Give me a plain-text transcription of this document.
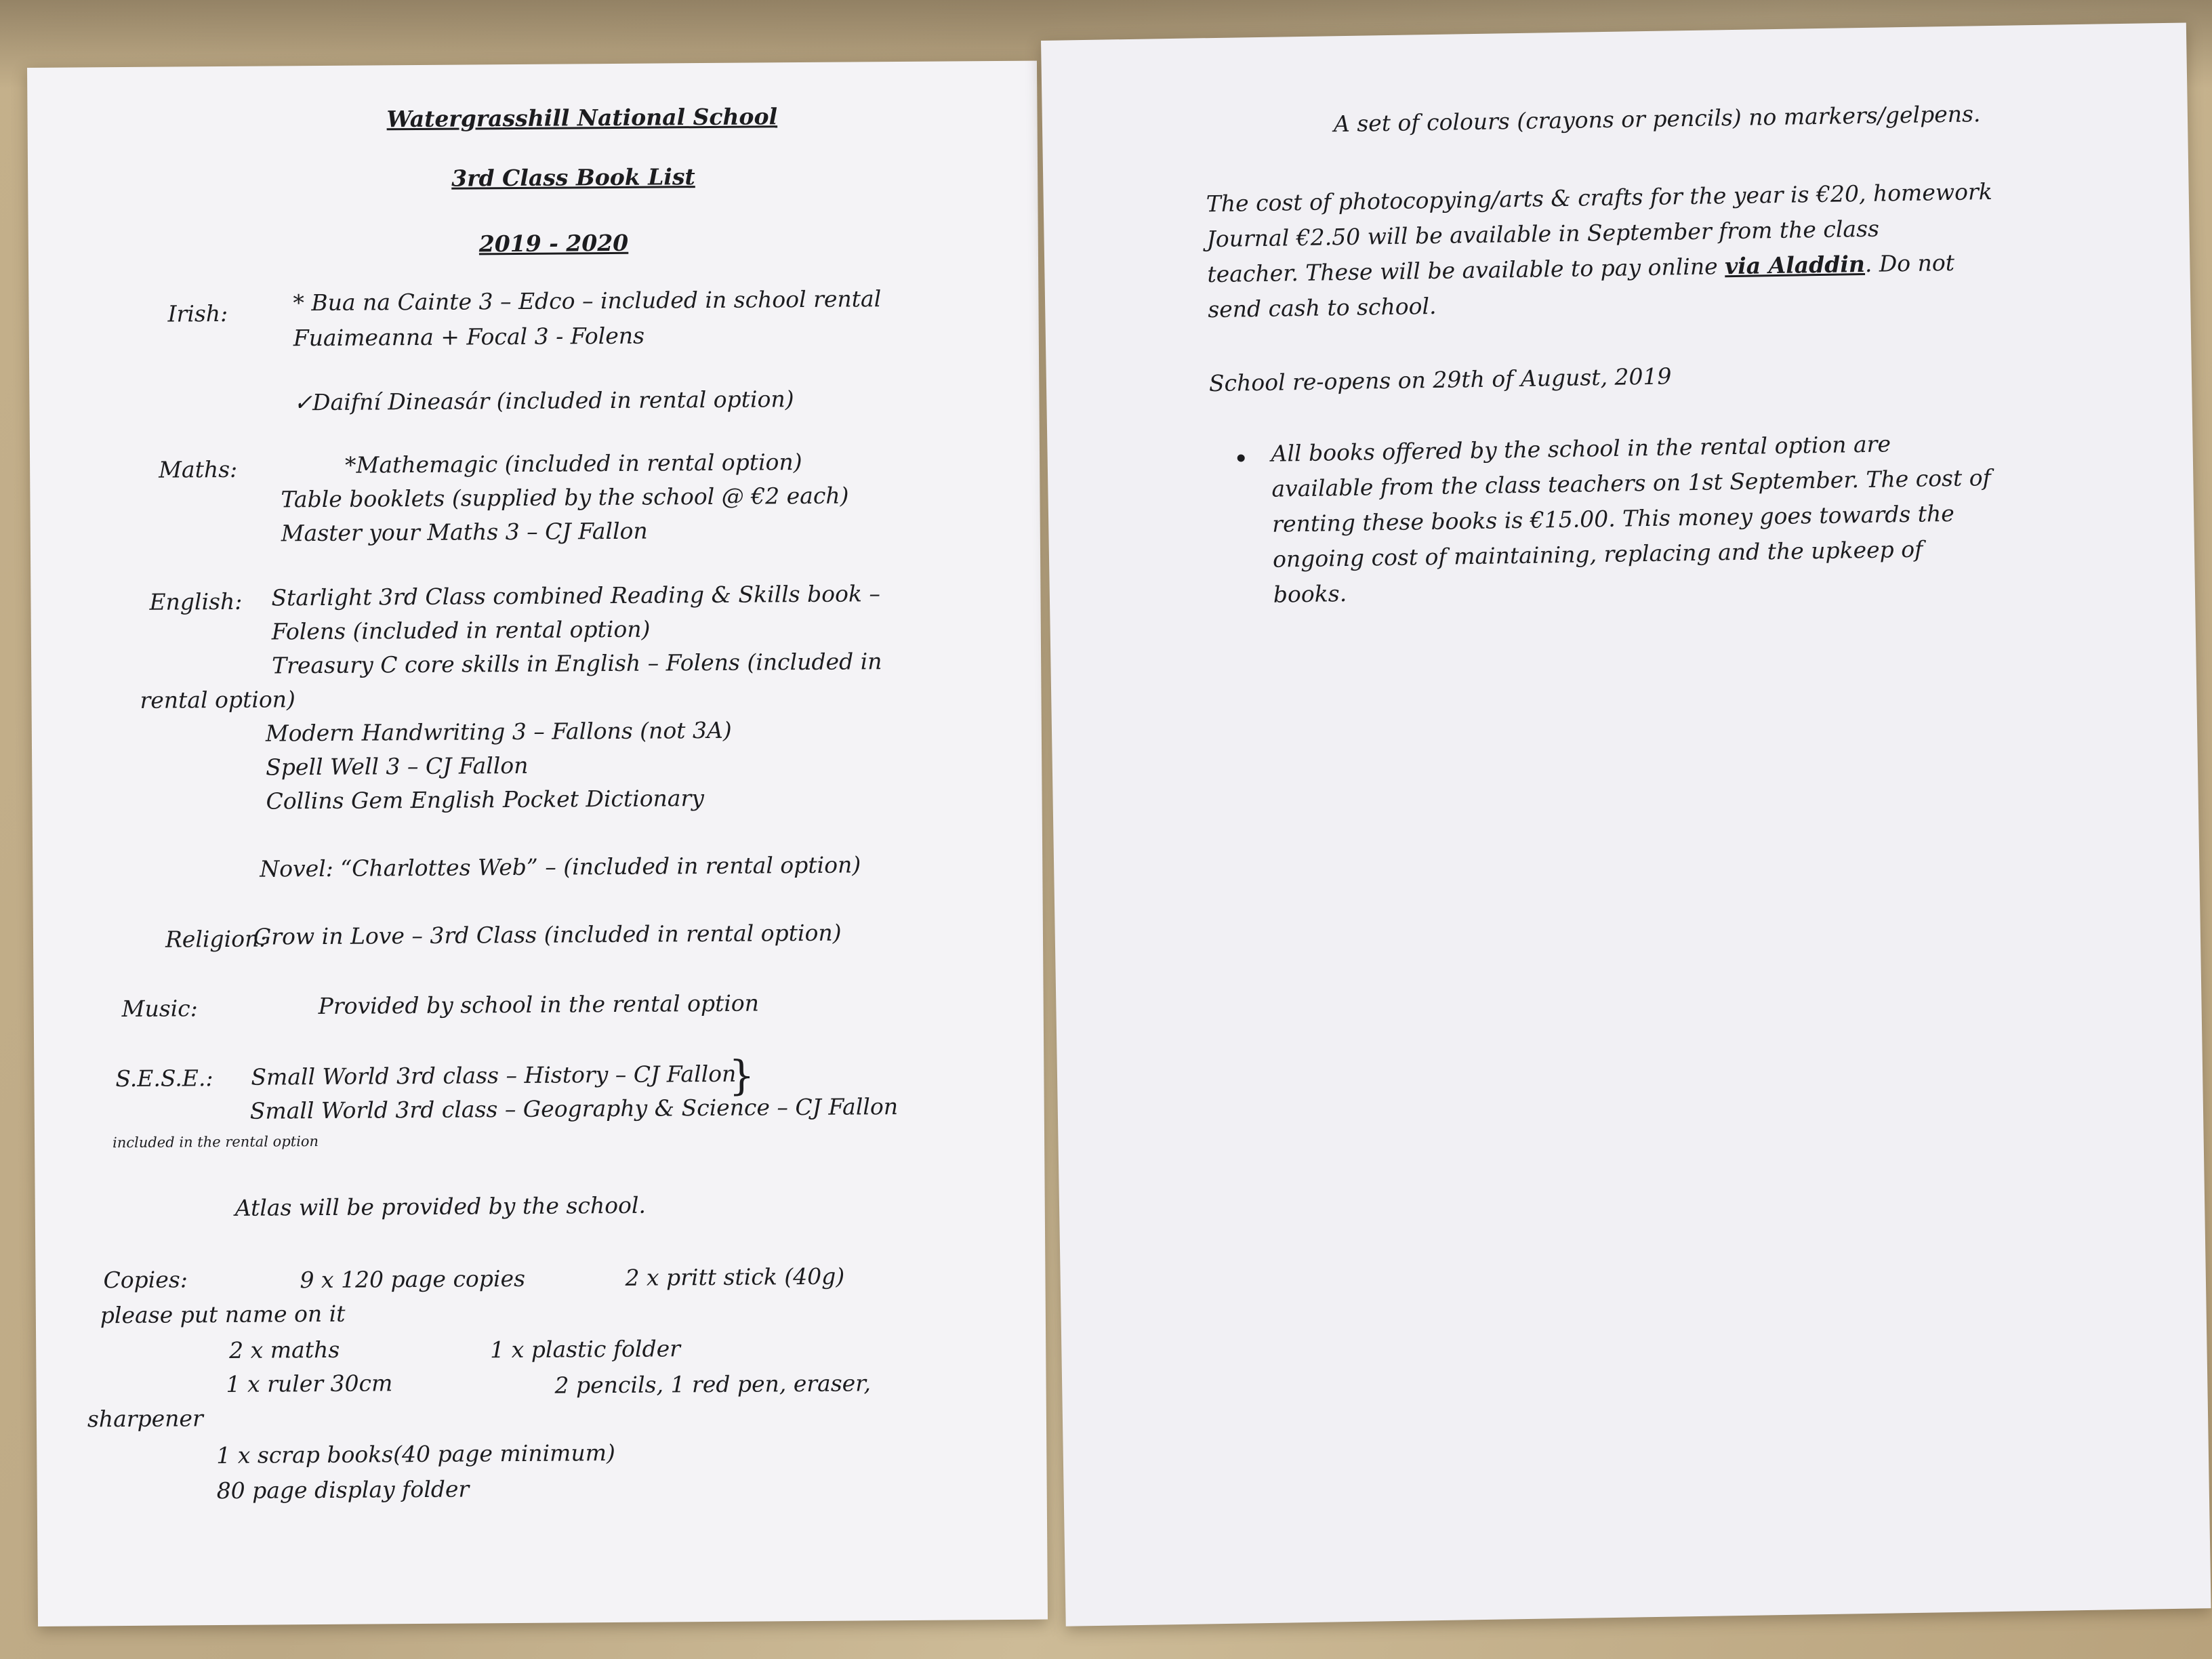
Watergrasshill National School
3rd Class Book List
2019 - 2020
Irish:	* Bua na Cainte 3 – Edco – included in school rental
Fuaimeanna + Focal 3 - Folens
✓Daifní Dineasár (included in rental option)
Maths:	*Mathemagic (included in rental option)
Table booklets (supplied by the school @ €2 each)
Master your Maths 3 – CJ Fallon
English: Starlight 3rd Class combined Reading & Skills book –
Folens (included in rental option)
Treasury C core skills in English – Folens (included in
rental option)
Modern Handwriting 3 – Fallons (not 3A)
Spell Well 3 – CJ Fallon
Collins Gem English Pocket Dictionary
Novel: “Charlottes Web” – (included in rental option)
Religion:
Grow in Love – 3rd Class (included in rental option)
Music:	Provided by school in the rental option
S.E.S.E.: Small World 3rd class – History – CJ Fallon
Small World 3rd class – Geography & Science – CJ Fallon
}
included in the rental option
Atlas will be provided by the school.
Copies:	9 x 120 page copies	2 x pritt stick (40g)
please put name on it
2 x maths	1 x plastic folder
1 x ruler 30cm	2 pencils, 1 red pen, eraser,
sharpener
1 x scrap books(40 page minimum)
80 page display folder
A set of colours (crayons or pencils) no markers/gelpens.
The cost of photocopying/arts & crafts for the year is €20, homework
Journal €2.50 will be available in September from the class
teacher. These will be available to pay online via Aladdin. Do not
send cash to school.
School re-opens on 29th of August, 2019
All books offered by the school in the rental option are
available from the class teachers on 1st September. The cost of
renting these books is €15.00. This money goes towards the
ongoing cost of maintaining, replacing and the upkeep of
books.
